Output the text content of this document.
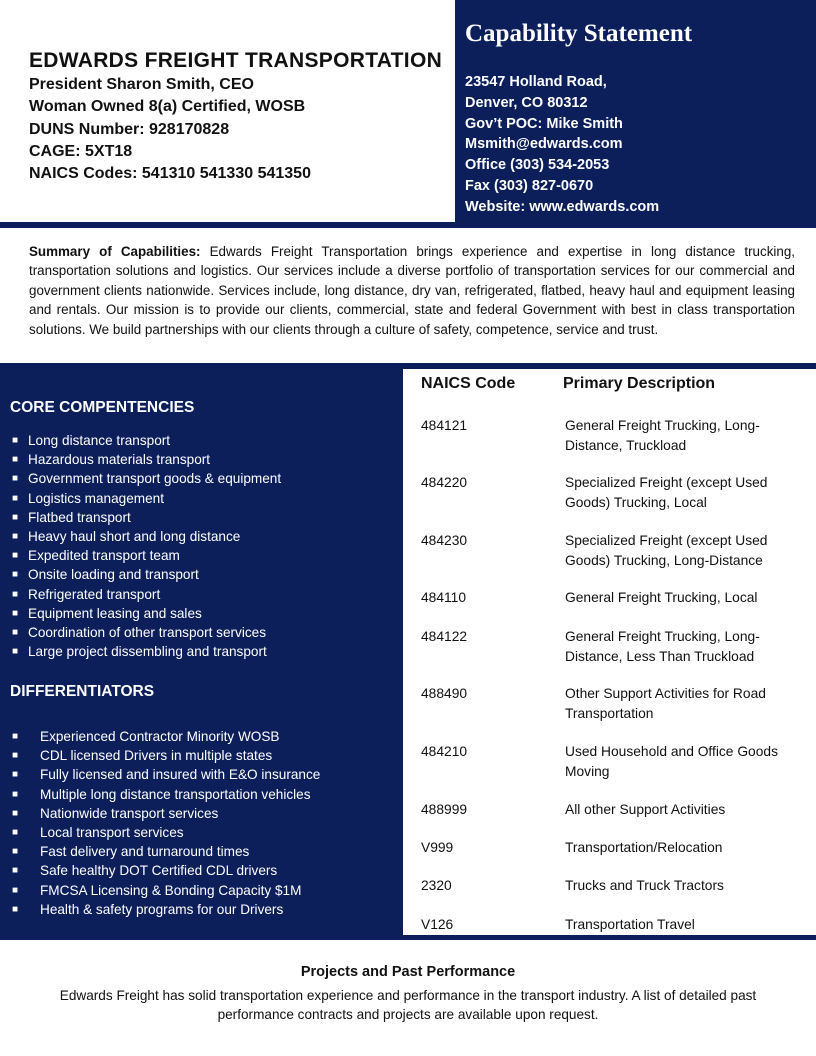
EDWARDS FREIGHT TRANSPORTATION
President Sharon Smith, CEO
Woman Owned 8(a) Certified, WOSB
DUNS Number: 928170828
CAGE: 5XT18
NAICS Codes: 541310 541330 541350
Capability Statement
23547 Holland Road,
Denver, CO 80312
Gov’t POC: Mike Smith
Msmith@edwards.com
Office (303) 534-2053
Fax (303) 827-0670
Website: www.edwards.com
Summary of Capabilities: Edwards Freight Transportation brings experience and expertise in long distance trucking, transportation solutions and logistics. Our services include a diverse portfolio of transportation services for our commercial and government clients nationwide. Services include, long distance, dry van, refrigerated, flatbed, heavy haul and equipment leasing and rentals. Our mission is to provide our clients, commercial, state and federal Government with best in class transportation solutions. We build partnerships with our clients through a culture of safety, competence, service and trust.
CORE COMPENTENCIES
■ Long distance transport
■ Hazardous materials transport
■ Government transport goods & equipment
■ Logistics management
■ Flatbed transport
■ Heavy haul short and long distance
■ Expedited transport team
■ Onsite loading and transport
■ Refrigerated transport
■ Equipment leasing and sales
■ Coordination of other transport services
■ Large project dissembling and transport
DIFFERENTIATORS
■ Experienced Contractor Minority WOSB
■ CDL licensed Drivers in multiple states
■ Fully licensed and insured with E&O insurance
■ Multiple long distance transportation vehicles
■ Nationwide transport services
■ Local transport services
■ Fast delivery and turnaround times
■ Safe healthy DOT Certified CDL drivers
■ FMCSA Licensing & Bonding Capacity $1M
■ Health & safety programs for our Drivers
NAICS Code	Primary Description
484121	General Freight Trucking, Long-Distance, Truckload
484220	Specialized Freight (except Used Goods) Trucking, Local
484230	Specialized Freight (except Used Goods) Trucking, Long-Distance
484110	General Freight Trucking, Local
484122	General Freight Trucking, Long-Distance, Less Than Truckload
488490	Other Support Activities for Road Transportation
484210	Used Household and Office Goods Moving
488999	All other Support Activities
V999	Transportation/Relocation
2320	Trucks and Truck Tractors
V126	Transportation Travel
Projects and Past Performance
Edwards Freight has solid transportation experience and performance in the transport industry. A list of detailed past performance contracts and projects are available upon request.
